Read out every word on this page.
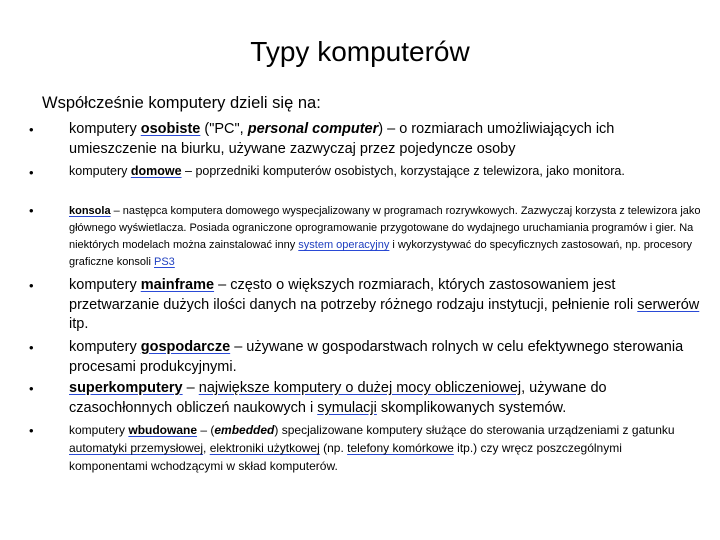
Typy komputerów
Współcześnie komputery dzieli się na:
• komputery osobiste ("PC", personal computer) – o rozmiarach umożliwiających ich umieszczenie na biurku, używane zazwyczaj przez pojedyncze osoby
•	komputery domowe – poprzedniki komputerów osobistych, korzystające z telewizora, jako monitora.
•	konsola – następca komputera domowego wyspecjalizowany w programach rozrywkowych. Zazwyczaj korzysta z telewizora jako głównego wyświetlacza. Posiada ograniczone oprogramowanie przygotowane do wydajnego uruchamiania programów i gier. Na niektórych modelach można zainstalować inny system operacyjny i wykorzystywać do specyficznych zastosowań, np. procesory graficzne konsoli PS3
• komputery mainframe – często o większych rozmiarach, których zastosowaniem jest przetwarzanie dużych ilości danych na potrzeby różnego rodzaju instytucji, pełnienie roli serwerów itp.
• komputery gospodarcze – używane w gospodarstwach rolnych w celu efektywnego sterowania procesami produkcyjnymi.
• superkomputery – największe komputery o dużej mocy obliczeniowej, używane do czasochłonnych obliczeń naukowych i symulacji skomplikowanych systemów.
•	komputery wbudowane – (embedded) specjalizowane komputery służące do sterowania urządzeniami z gatunku automatyki przemysłowej, elektroniki użytkowej (np. telefony komórkowe itp.) czy wręcz poszczególnymi komponentami wchodzącymi w skład komputerów.
